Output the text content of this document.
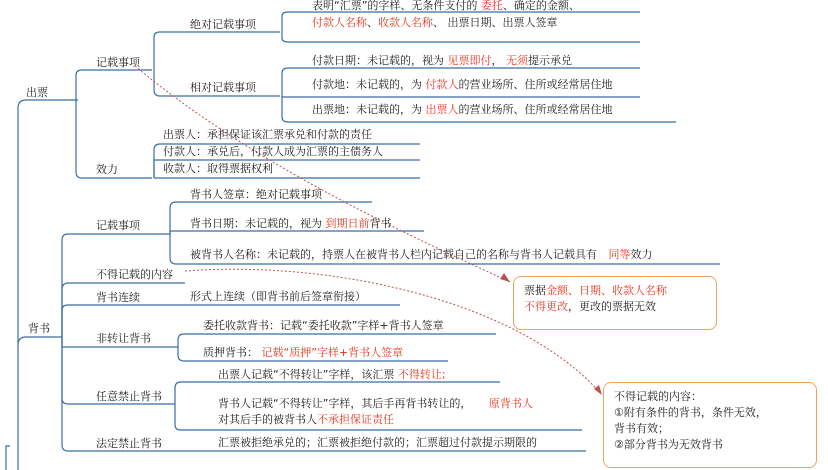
出票
背书
记载事项
绝对记载事项
表明“汇票”的字样、无条件支付的 委托、确定的金额、
付款人名称、收款人名称、 出票日期、出票人签章
相对记载事项
付款日期：未记载的，视为 见票即付， 无须提示承兑
付款地：未记载的，为 付款人的营业场所、住所或经常居住地
出票地：未记载的，为 出票人的营业场所、住所或经常居住地
效力
出票人：承担保证该汇票承兑和付款的责任
付款人：承兑后，付款人成为汇票的主债务人
收款人：取得票据权利
记载事项
背书人签章：绝对记载事项
背书日期：未记载的，视为 到期日前背书
被背书人名称：未记载的，持票人在被背书人栏内记载自己的名称与背书人记载具有 同等效力
不得记载的内容
背书连续	形式上连续（即背书前后签章衔接）
非转让背书
委托收款背书：记载“委托收款”字样+背书人签章
质押背书： 记载“质押”字样+背书人签章
任意禁止背书
出票人记载“不得转让”字样，该汇票 不得转让;
背书人记载“不得转让”字样，其后手再背书转让的， 原背书人
对其后手的被背书人不承担保证责任
法定禁止背书	汇票被拒绝承兑的；汇票被拒绝付款的；汇票超过付款提示期限的
票据金额、日期、收款人名称
不得更改，更改的票据无效
不得记载的内容：
①附有条件的背书，条件无效，
背书有效；
②部分背书为无效背书
